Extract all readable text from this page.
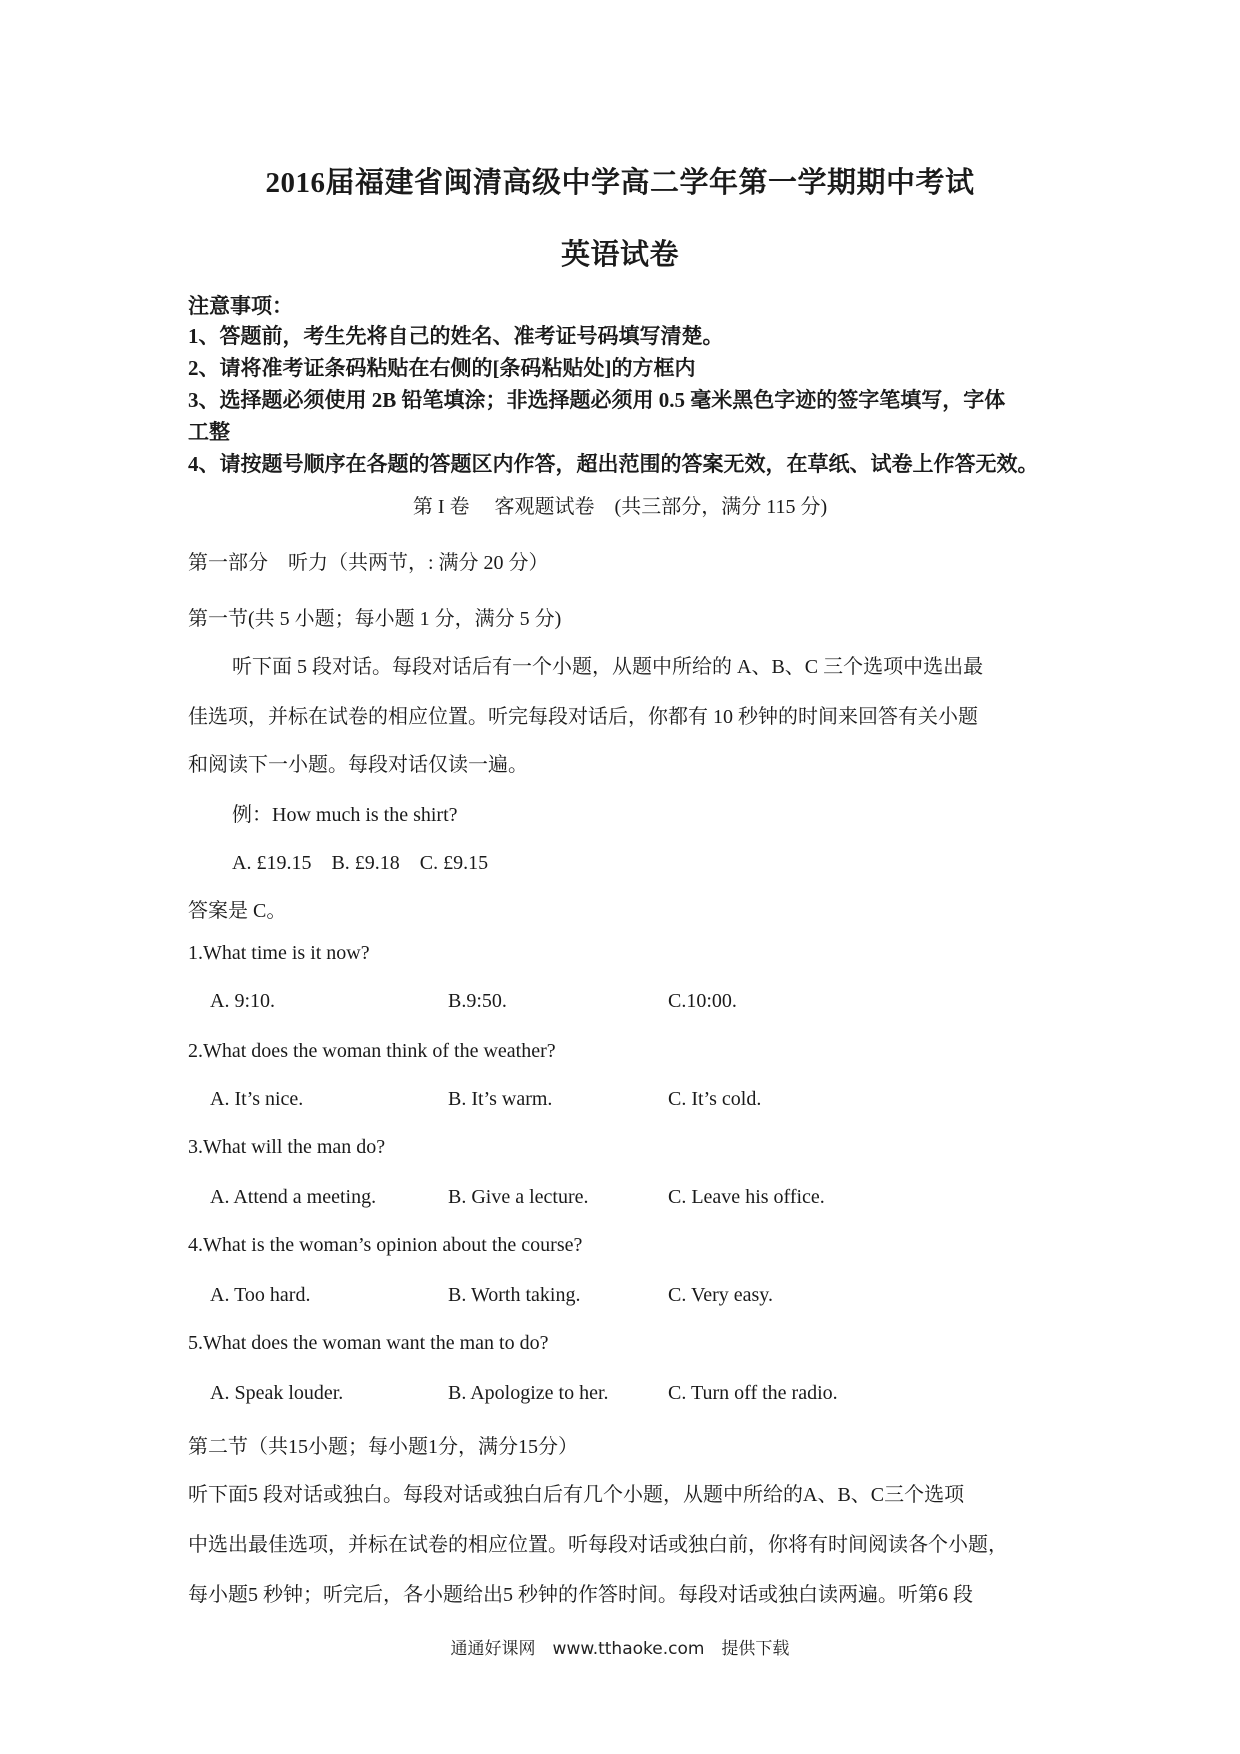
2016届福建省闽清高级中学高二学年第一学期期中考试
英语试卷
注意事项：
1、答题前，考生先将自己的姓名、准考证号码填写清楚。
2、请将准考证条码粘贴在右侧的[条码粘贴处]的方框内
3、选择题必须使用 2B 铅笔填涂；非选择题必须用 0.5 毫米黑色字迹的签字笔填写，字体
工整
4、请按题号顺序在各题的答题区内作答，超出范围的答案无效，在草纸、试卷上作答无效。
第 I 卷　 客观题试卷　(共三部分，满分 115 分)
第一部分　听力（共两节，: 满分 20 分）
第一节(共 5 小题；每小题 1 分，满分 5 分)
听下面 5 段对话。每段对话后有一个小题，从题中所给的 A、B、C 三个选项中选出最
佳选项，并标在试卷的相应位置。听完每段对话后，你都有 10 秒钟的时间来回答有关小题
和阅读下一小题。每段对话仅读一遍。
例：How much is the shirt?
A. £19.15　B. £9.18　C. £9.15
答案是 C。
1.What time is it now?
A. 9:10.	B.9:50.	C.10:00.
2.What does the woman think of the weather?
A. It’s nice.	B. It’s warm.	C. It’s cold.
3.What will the man do?
A. Attend a meeting.	B. Give a lecture.	C. Leave his office.
4.What is the woman’s opinion about the course?
A. Too hard.	B. Worth taking.	C. Very easy.
5.What does the woman want the man to do?
A. Speak louder.	B. Apologize to her.	C. Turn off the radio.
第二节（共15小题；每小题1分，满分15分）
听下面5 段对话或独白。每段对话或独白后有几个小题，从题中所给的A、B、C三个选项
中选出最佳选项，并标在试卷的相应位置。听每段对话或独白前，你将有时间阅读各个小题，
每小题5 秒钟；听完后，各小题给出5 秒钟的作答时间。每段对话或独白读两遍。听第6 段
通通好课网　www.tthaoke.com　提供下载
